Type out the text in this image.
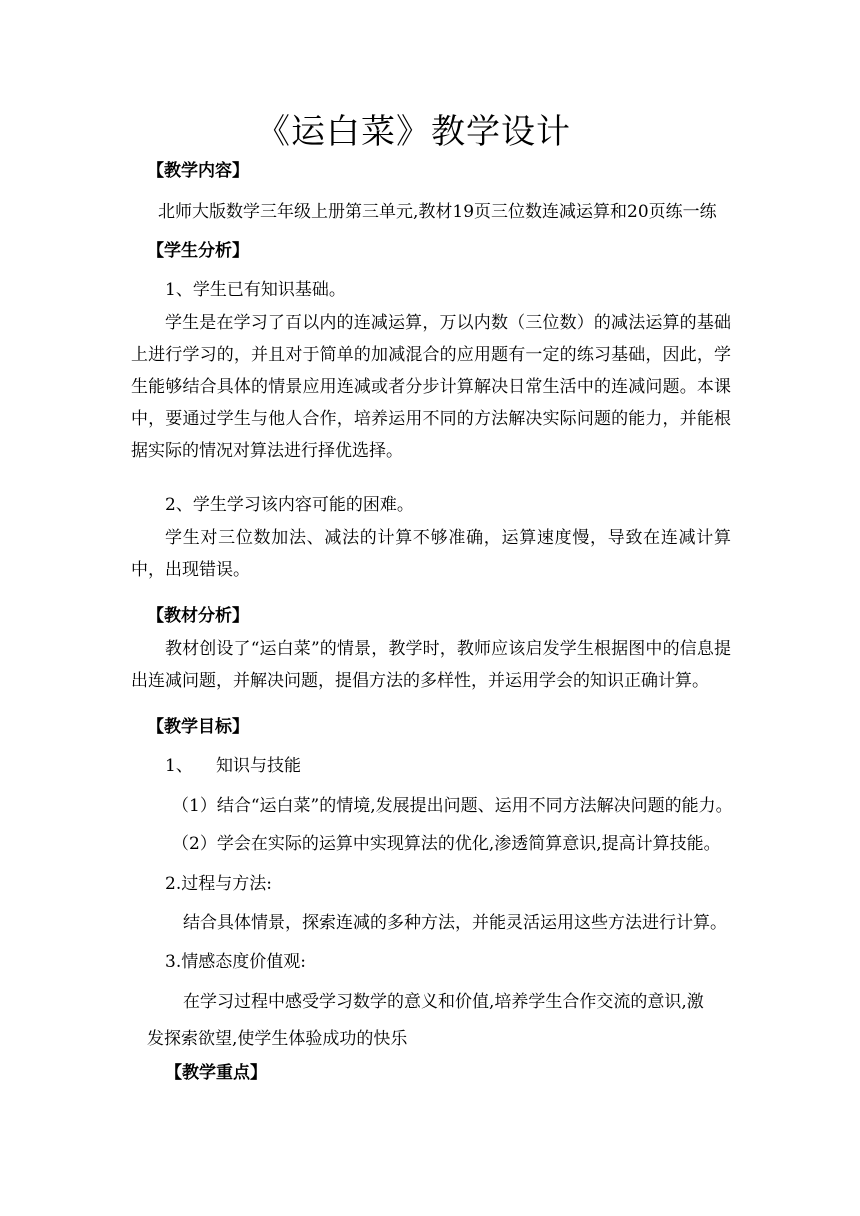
《运白菜》教学设计
【教学内容】
北师大版数学三年级上册第三单元,教材19页三位数连减运算和20页练一练
【学生分析】
1、学生已有知识基础。
学生是在学习了百以内的连减运算，万以内数（三位数）的减法运算的基础上进行学习的，并且对于简单的加减混合的应用题有一定的练习基础，因此，学生能够结合具体的情景应用连减或者分步计算解决日常生活中的连减问题。本课中，要通过学生与他人合作，培养运用不同的方法解决实际问题的能力，并能根据实际的情况对算法进行择优选择。
2、学生学习该内容可能的困难。
学生对三位数加法、减法的计算不够准确，运算速度慢，导致在连减计算中，出现错误。
【教材分析】
教材创设了“运白菜”的情景，教学时，教师应该启发学生根据图中的信息提出连减问题，并解决问题，提倡方法的多样性，并运用学会的知识正确计算。
【教学目标】
1、 知识与技能
（1）结合“运白菜”的情境,发展提出问题、运用不同方法解决问题的能力。
（2）学会在实际的运算中实现算法的优化,渗透简算意识,提高计算技能。
2.过程与方法:
结合具体情景，探索连减的多种方法，并能灵活运用这些方法进行计算。
3.情感态度价值观:
在学习过程中感受学习数学的意义和价值,培养学生合作交流的意识,激
发探索欲望,使学生体验成功的快乐
【教学重点】
